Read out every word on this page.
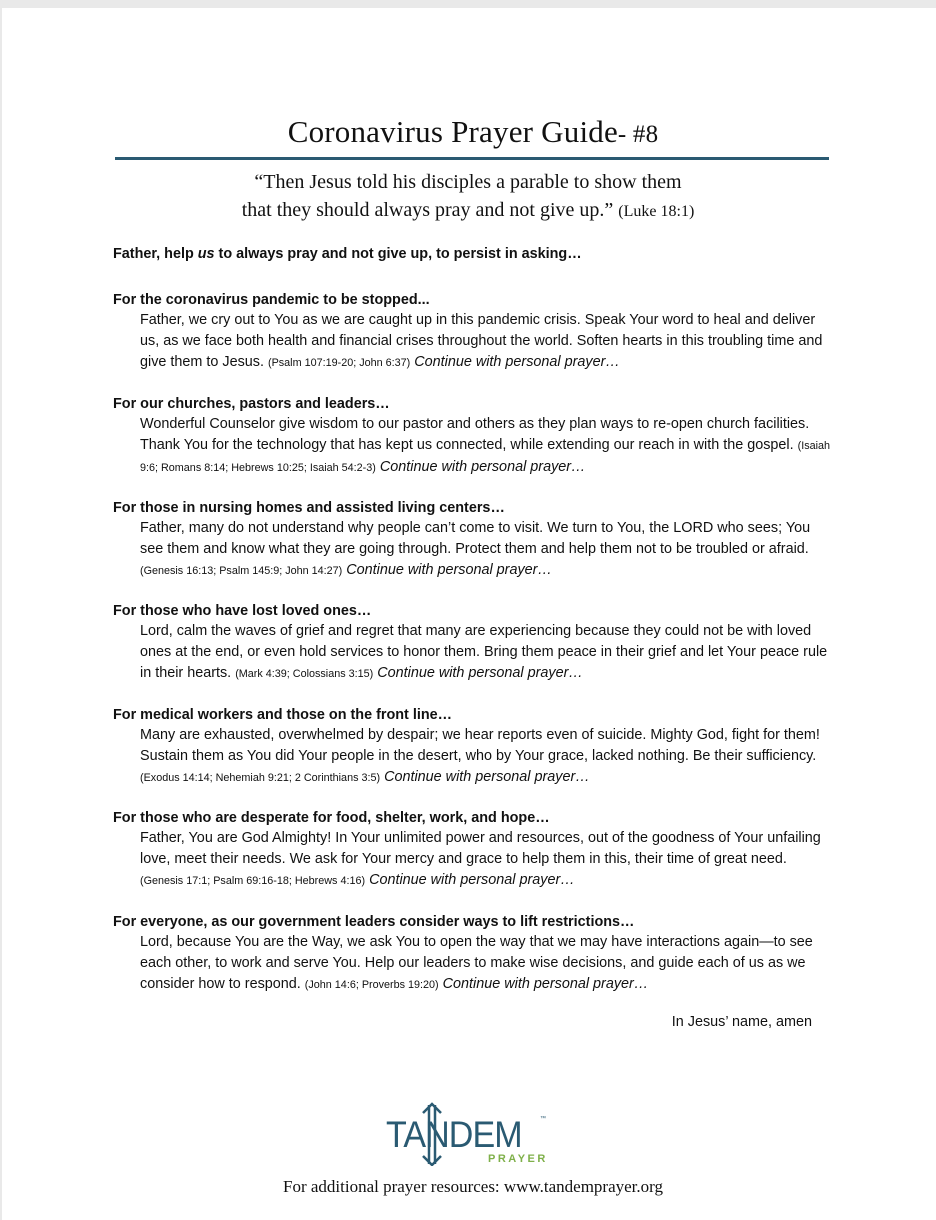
Coronavirus Prayer Guide- #8
“Then Jesus told his disciples a parable to show them
that they should always pray and not give up.” (Luke 18:1)
Father, help us to always pray and not give up, to persist in asking…
For the coronavirus pandemic to be stopped...
Father, we cry out to You as we are caught up in this pandemic crisis. Speak Your word to heal and deliver us, as we face both health and financial crises throughout the world. Soften hearts in this troubling time and give them to Jesus. (Psalm 107:19-20; John 6:37) Continue with personal prayer…
For our churches, pastors and leaders…
Wonderful Counselor give wisdom to our pastor and others as they plan ways to re-open church facilities. Thank You for the technology that has kept us connected, while extending our reach in with the gospel. (Isaiah 9:6; Romans 8:14; Hebrews 10:25; Isaiah 54:2-3) Continue with personal prayer…
For those in nursing homes and assisted living centers…
Father, many do not understand why people can’t come to visit. We turn to You, the LORD who sees; You see them and know what they are going through. Protect them and help them not to be troubled or afraid. (Genesis 16:13; Psalm 145:9; John 14:27) Continue with personal prayer…
For those who have lost loved ones…
Lord, calm the waves of grief and regret that many are experiencing because they could not be with loved ones at the end, or even hold services to honor them. Bring them peace in their grief and let Your peace rule in their hearts. (Mark 4:39; Colossians 3:15) Continue with personal prayer…
For medical workers and those on the front line…
Many are exhausted, overwhelmed by despair; we hear reports even of suicide. Mighty God, fight for them! Sustain them as You did Your people in the desert, who by Your grace, lacked nothing. Be their sufficiency. (Exodus 14:14; Nehemiah 9:21; 2 Corinthians 3:5) Continue with personal prayer…
For those who are desperate for food, shelter, work, and hope…
Father, You are God Almighty! In Your unlimited power and resources, out of the goodness of Your unfailing love, meet their needs. We ask for Your mercy and grace to help them in this, their time of great need. (Genesis 17:1; Psalm 69:16-18; Hebrews 4:16) Continue with personal prayer…
For everyone, as our government leaders consider ways to lift restrictions…
Lord, because You are the Way, we ask You to open the way that we may have interactions again—to see each other, to work and serve You. Help our leaders to make wise decisions, and guide each of us as we consider how to respond. (John 14:6; Proverbs 19:20) Continue with personal prayer…
In Jesus’ name, amen
TANDEM	™
PRAYER
For additional prayer resources: www.tandemprayer.org
